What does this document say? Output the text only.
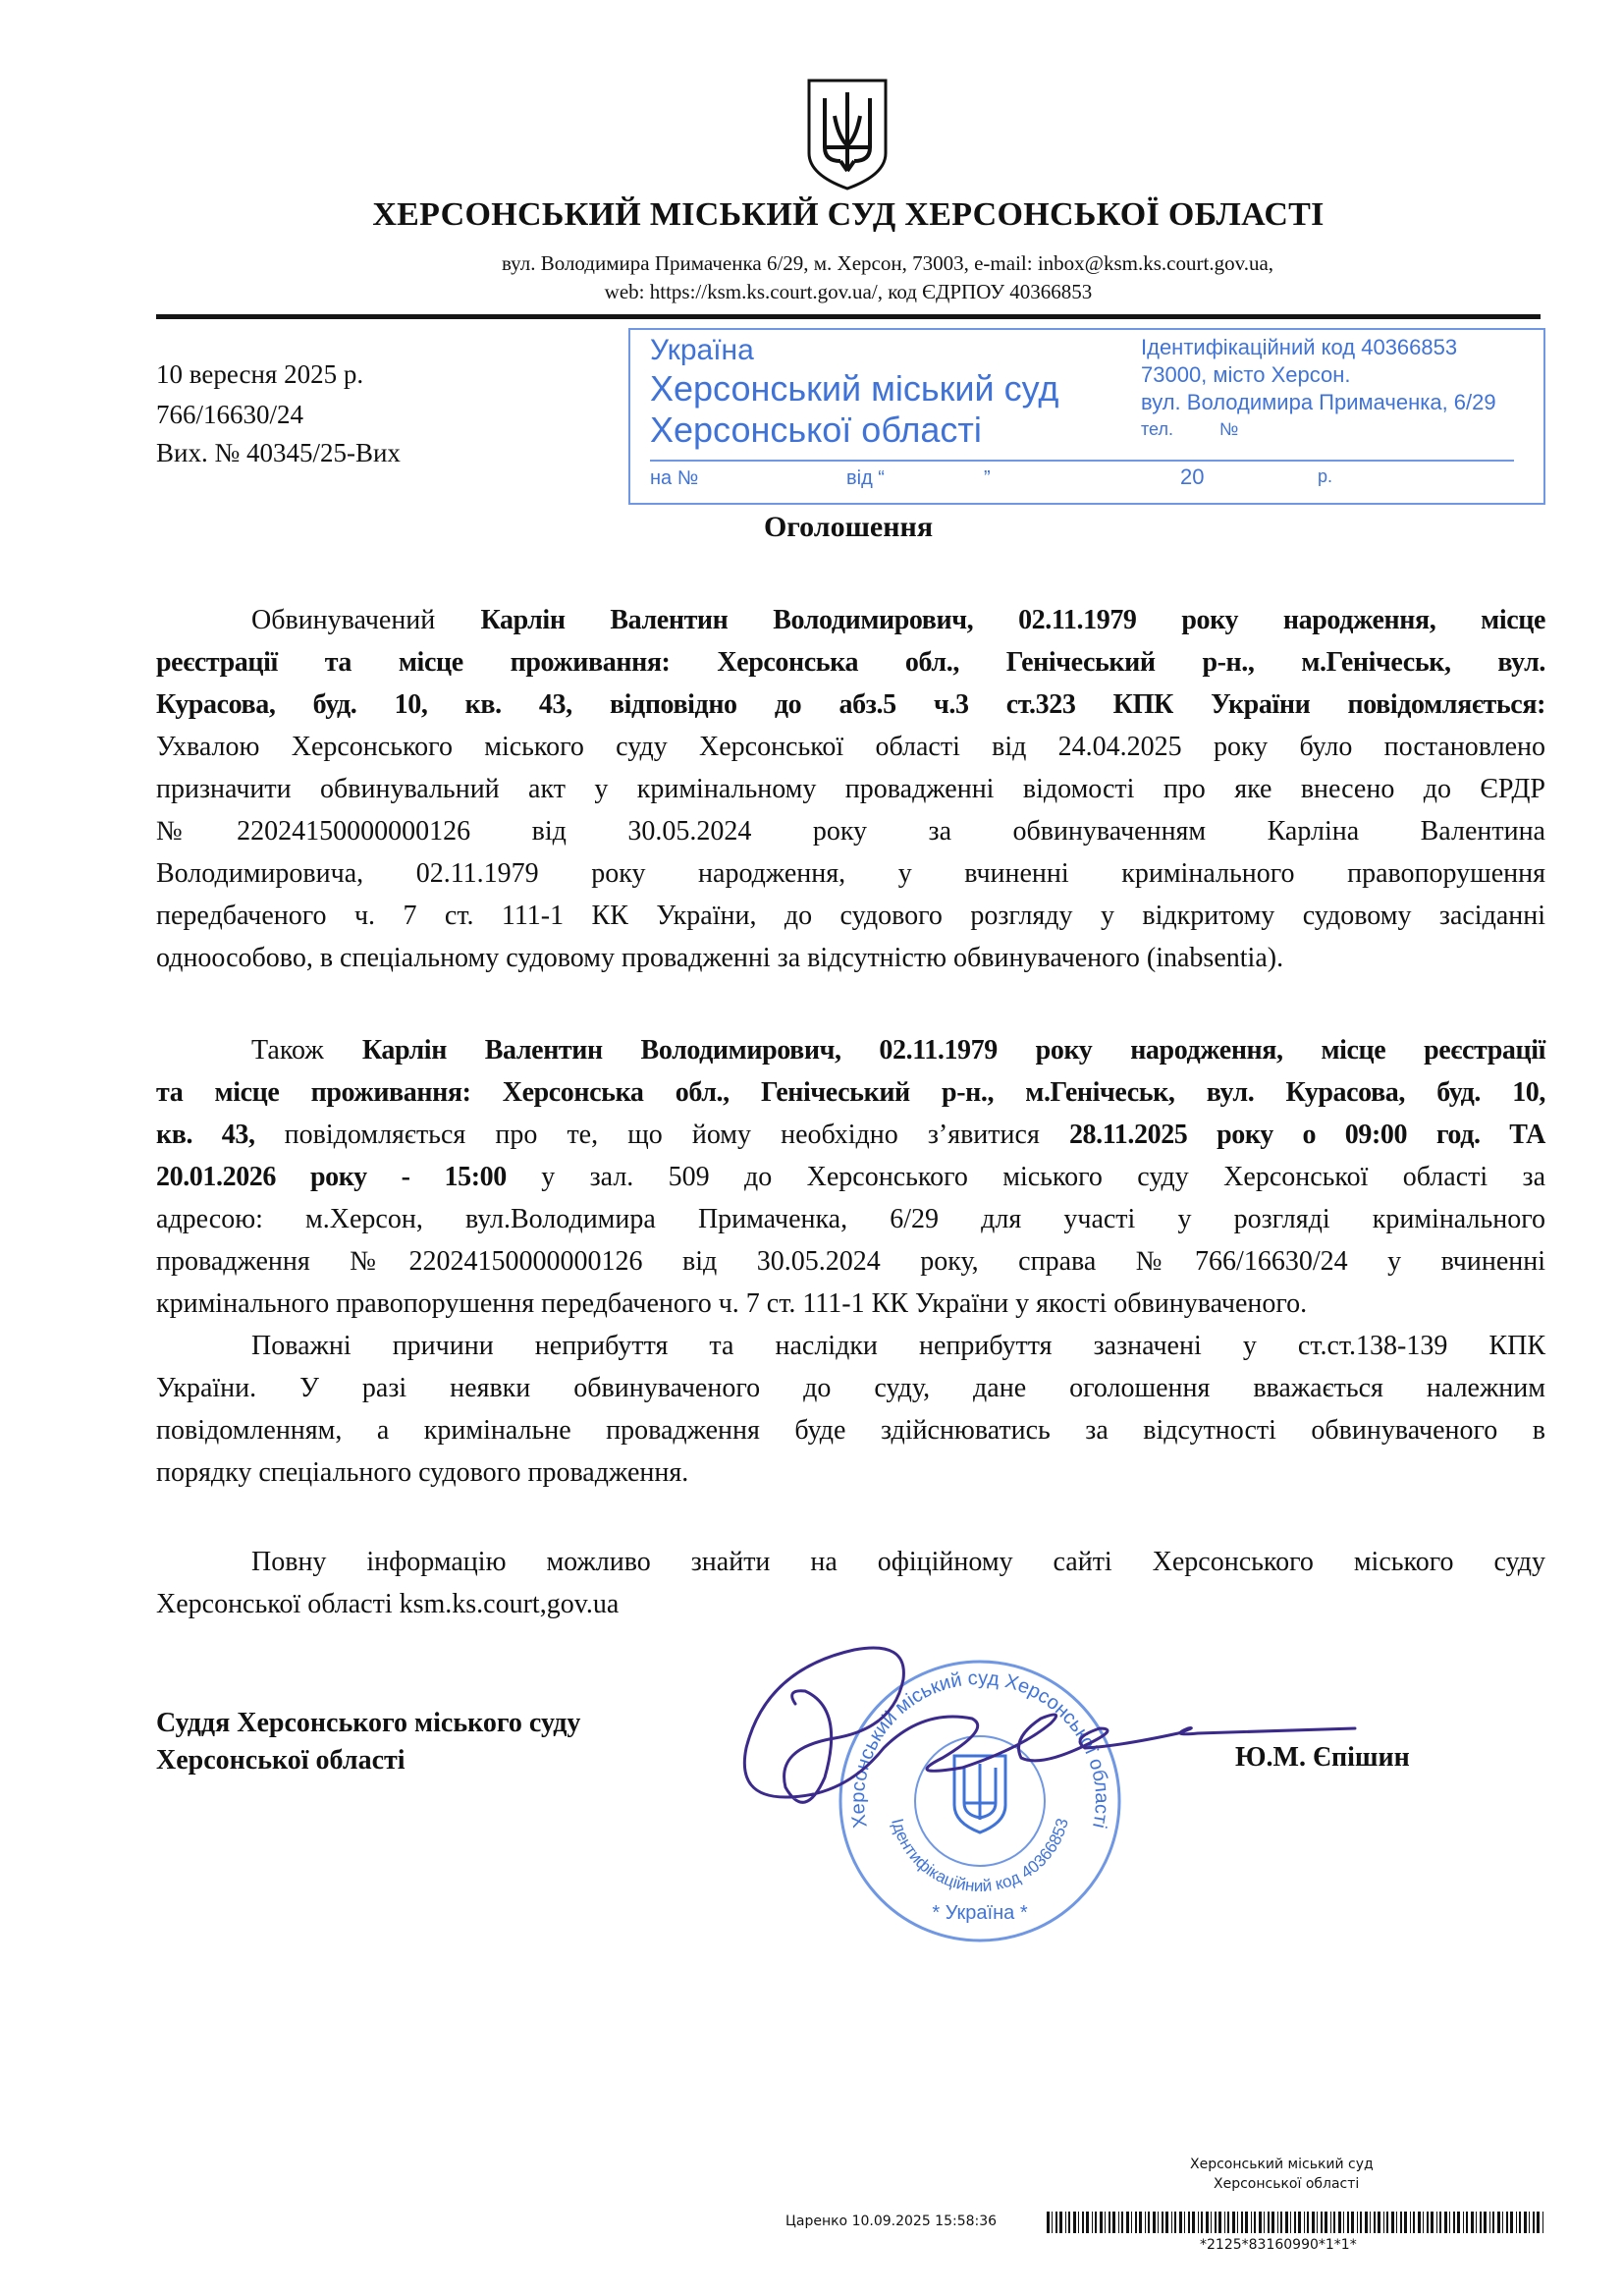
ХЕРСОНСЬКИЙ МІСЬКИЙ СУД ХЕРСОНСЬКОЇ ОБЛАСТІ
вул. Володимира Примаченка 6/29, м. Херсон, 73003, e-mail: inbox@ksm.ks.court.gov.ua,
web: https://ksm.ks.court.gov.ua/, код ЄДРПОУ 40366853
10 вересня 2025 р.
766/16630/24
Вих. № 40345/25-Вих
Україна
Херсонський міський суд
Херсонської області
Ідентифікаційний код 40366853
73000, місто Херсон.
вул. Володимира Примаченка, 6/29
тел.	№
на №	від “	”	20	р.
Оголошення
Обвинувачений Карлін Валентин Володимирович, 02.11.1979 року народження, місце
реєстрації та місце проживання: Херсонська обл., Генічеський р-н., м.Генічеськ, вул.
Курасова, буд. 10, кв. 43, відповідно до абз.5 ч.3 ст.323 КПК України повідомляється:
Ухвалою Херсонського міського суду Херсонської області від 24.04.2025 року було постановлено
призначити обвинувальний акт у кримінальному провадженні відомості про яке внесено до ЄРДР
№22024150000000126 від 30.05.2024 року за обвинуваченням Карліна Валентина
Володимировича, 02.11.1979 року народження, у вчиненні кримінального правопорушення
передбаченого ч. 7 ст. 111-1 КК України, до судового розгляду у відкритому судовому засіданні
одноособово, в спеціальному судовому провадженні за відсутністю обвинуваченого (inabsentia).
Також Карлін Валентин Володимирович, 02.11.1979 року народження, місце реєстрації
та місце проживання: Херсонська обл., Генічеський р-н., м.Генічеськ, вул. Курасова, буд. 10,
кв. 43, повідомляється про те, що йому необхідно з’явитися 28.11.2025 року о 09:00 год. ТА
20.01.2026 року - 15:00 у зал. 509 до Херсонського міського суду Херсонської області за
адресою: м.Херсон, вул.Володимира Примаченка, 6/29 для участі у розгляді кримінального
провадження №22024150000000126 від 30.05.2024 року, справа №766/16630/24 у вчиненні
кримінального правопорушення передбаченого ч. 7 ст. 111-1 КК України у якості обвинуваченого.
Поважні причини неприбуття та наслідки неприбуття зазначені у ст.ст.138-139 КПК
України. У разі неявки обвинуваченого до суду, дане оголошення вважається належним
повідомленням, а кримінальне провадження буде здійснюватись за відсутності обвинуваченого в
порядку спеціального судового провадження.
Повну інформацію можливо знайти на офіційному сайті Херсонського міського суду
Херсонської області ksm.ks.court,gov.ua
Херсонський міський суд Херсонської області
Ідентифікаційний код 40366853
* Україна *
Суддя Херсонського міського суду
Херсонської області	Ю.М. Єпішин
Херсонський міський суд
Херсонської області
Царенко 10.09.2025 15:58:36
*2125*83160990*1*1*
